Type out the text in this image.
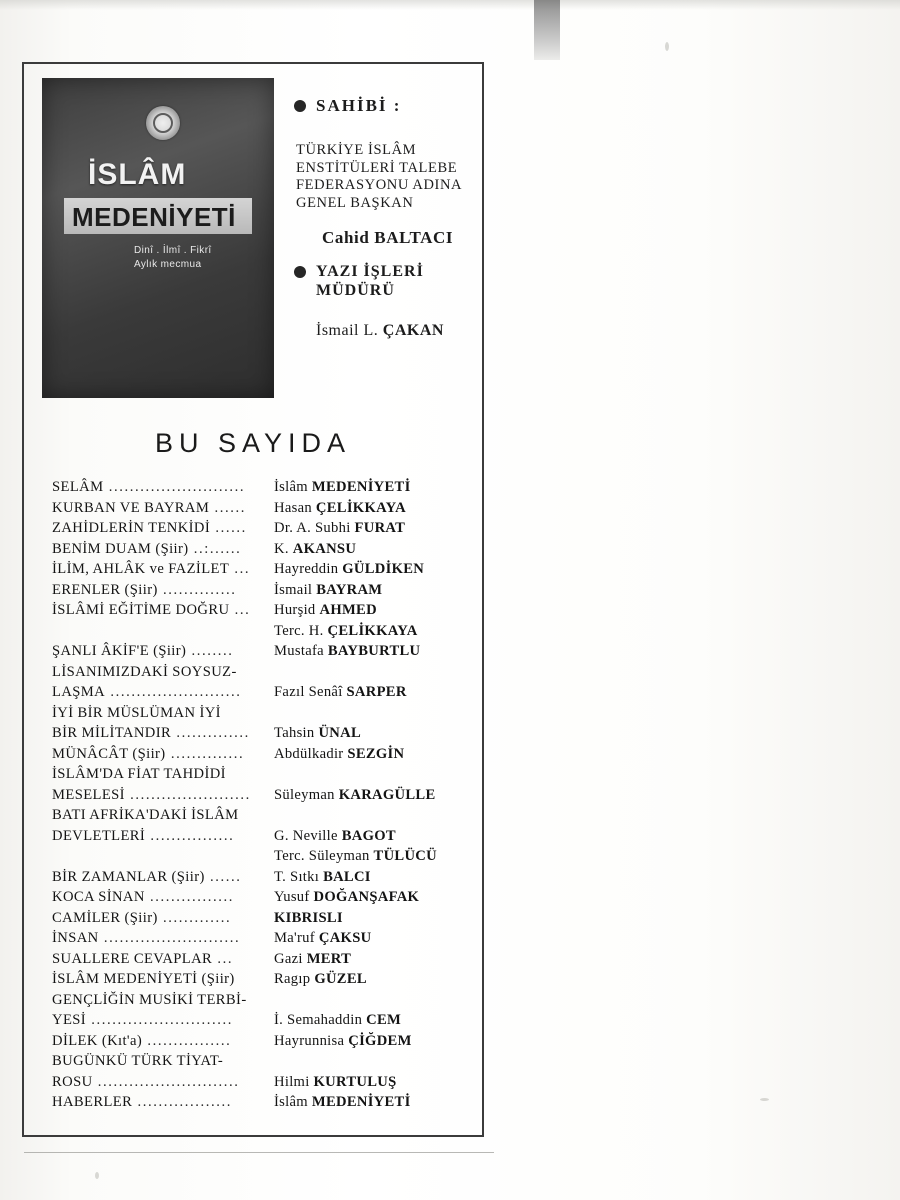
İSLÂM
MEDENİYETİ
Dinî . İlmî . Fikrî
Aylık mecmua
SAHİBİ :
TÜRKİYE İSLÂM
ENSTİTÜLERİ TALEBE
FEDERASYONU ADINA
GENEL BAŞKAN
Cahid BALTACI
YAZI İŞLERİ
MÜDÜRÜ
İsmail L. ÇAKAN
BU SAYIDA
SELÂM ..........................	İslâm MEDENİYETİ
KURBAN VE BAYRAM ......	Hasan ÇELİKKAYA
ZAHİDLERİN TENKİDİ ......	Dr. A. Subhi FURAT
BENİM DUAM (Şiir) ..:......	K. AKANSU
İLİM, AHLÂK ve FAZİLET ...	Hayreddin GÜLDİKEN
ERENLER (Şiir) ..............	İsmail BAYRAM
İSLÂMİ EĞİTİME DOĞRU ...	Hurşid AHMED
Terc. H. ÇELİKKAYA
ŞANLI ÂKİF'E (Şiir) ........	Mustafa BAYBURTLU
LİSANIMIZDAKİ SOYSUZ-
LAŞMA .........................	Fazıl Senâî SARPER
İYİ BİR MÜSLÜMAN İYİ
BİR MİLİTANDIR ..............	Tahsin ÜNAL
MÜNÂCÂT (Şiir) ..............	Abdülkadir SEZGİN
İSLÂM'DA FİAT TAHDİDİ
MESELESİ .......................	Süleyman KARAGÜLLE
BATI AFRİKA'DAKİ İSLÂM
DEVLETLERİ ................	G. Neville BAGOT
Terc. Süleyman TÜLÜCÜ
BİR ZAMANLAR (Şiir) ......	T. Sıtkı BALCI
KOCA SİNAN ................	Yusuf DOĞANŞAFAK
CAMİLER (Şiir) .............	KIBRISLI
İNSAN ..........................	Ma'ruf ÇAKSU
SUALLERE CEVAPLAR ...	Gazi MERT
İSLÂM MEDENİYETİ (Şiir)	Ragıp GÜZEL
GENÇLİĞİN MUSİKİ TERBİ-
YESİ ...........................	İ. Semahaddin CEM
DİLEK (Kıt'a) ................	Hayrunnisa ÇİĞDEM
BUGÜNKÜ TÜRK TİYAT-
ROSU ...........................	Hilmi KURTULUŞ
HABERLER ..................	İslâm MEDENİYETİ
